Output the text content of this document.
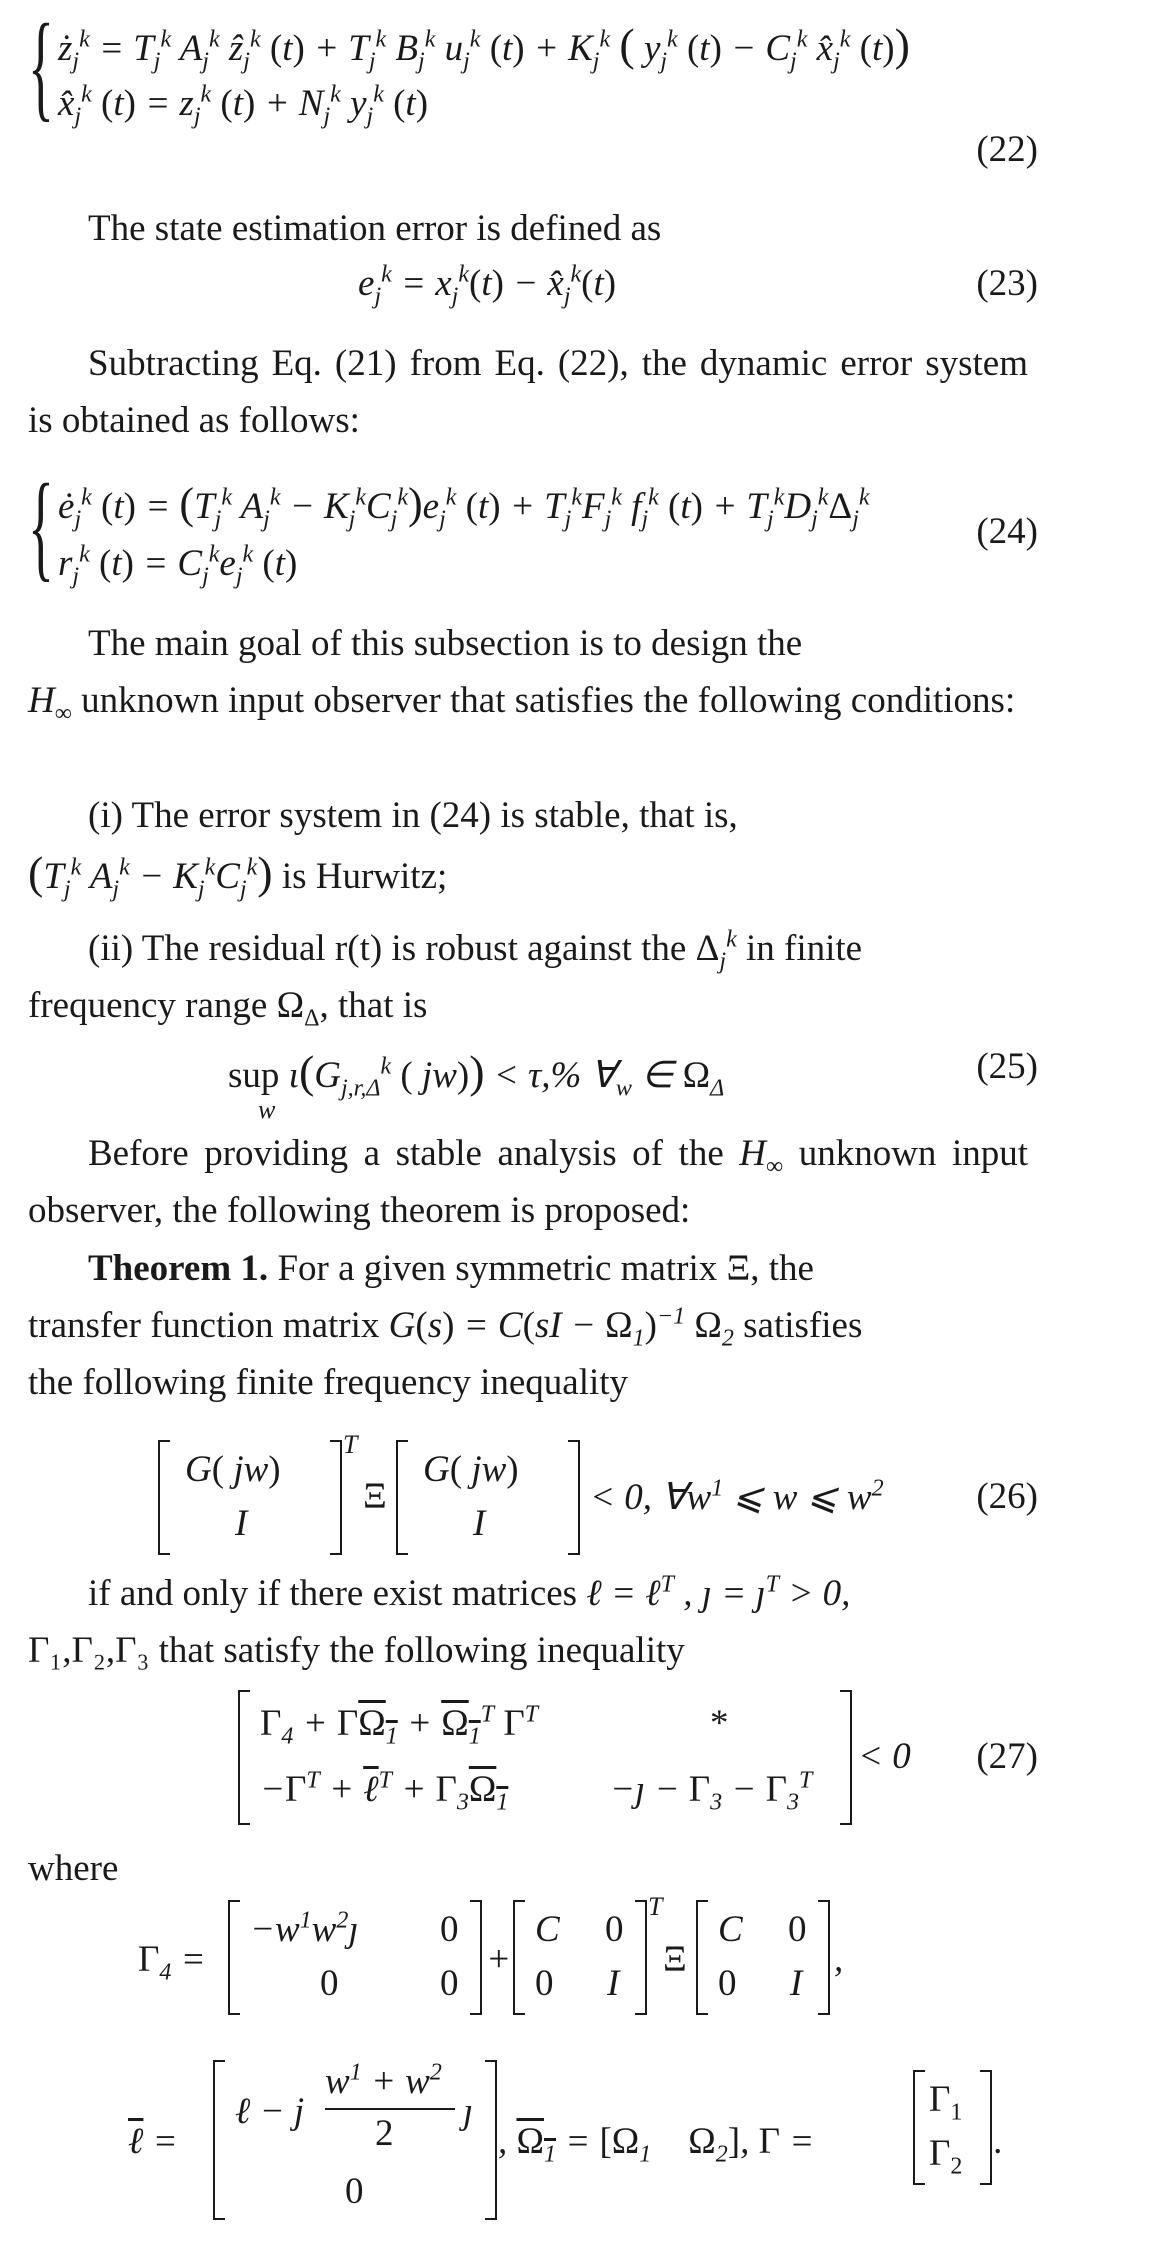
{ $ż_j^k = T_j^k$ $A_j^k$ ẑ$_j^k$ $(t) + T_j^k$ $B_j^k$ $u_j^k$ $(t) + K_j^k$ ( $y_j^k$ $(t) - C_j^k$ $x̂_j^k$ (t))
$x̂_j^k$ $(t) = z_j^k$ $(t) + N_j^k$ $y_j^k$ (t)
(22)
The state estimation error is defined as
$e_j^k = x_j^k(t)$ − $x̂_j^k(t)$	(23)
Subtracting Eq. (21) from Eq. (22), the dynamic error system is obtained as follows:
{ $ė_j^k$ $(t) = (T_j^k$ $A_j^k - K_j^kC_j^k)e_j^k$ $(t) + T_j^kF_j^k$ $f_j^k$ $(t) + T_j^kD_j^k\Delta_j^k$
$r_j^k$ $(t) = C_j^ke_j^k$ (t)
(24)
The main goal of this subsection is to design the
$H_\infty$ unknown input observer that satisfies the following conditions:
(i) The error system in (24) is stable, that is,
($T_j^k$ $A_j^k - K_j^kC_j^k$) is Hurwitz;
(ii) The residual r(t) is robust against the $\Delta_j^k$ in finite
frequency range $\Omega_\Delta$, that is
sup $\iota(G_{j,r,\Delta}^k$ ( jw)) < τ,% $\forall_w$ ∈ $\Omega_\Delta$
w
(25)
Before providing a stable analysis of the $H_\infty$ unknown input observer, the following theorem is proposed:
Theorem 1. For a given symmetric matrix Ξ, the
transfer function matrix $G(s) = C(sI - \Omega_1)^{-1}$ $\Omega_2$ satisfies
the following finite frequency inequality
G( jw)
I
T
Ξ
G( jw)
I
< 0, $\forall w^1$ ⩽ w ⩽ $w^2$	(26)
if and only if there exist matrices ℓ = ℓ$^T$ , ȷ = $ȷ^T > 0$,
Γ₁,Γ₂,Γ₃ that satisfy the following inequality
$\Gamma_4 + \Gamma\Omega_1 + \Omega_1^T$ $\Gamma^T$	*
$-\Gamma^T$ + ℓ$^T$ + $\Gamma_3\Omega_1$	−ȷ − $\Gamma_3 - \Gamma_3^T$
< 0 (27)
where
$\Gamma_4$ =
$-w^1w^2ȷ$ 0
0	0
+
C 0
0 I
T
Ξ
C 0
0 I
,
ℓ =
ℓ − j
$w^1 + w^2$
2
ȷ
0
, $\Omega_1 = [\Omega_1$ $\Omega_2$], Γ =
$\Gamma_1$
$\Gamma_2$
.
